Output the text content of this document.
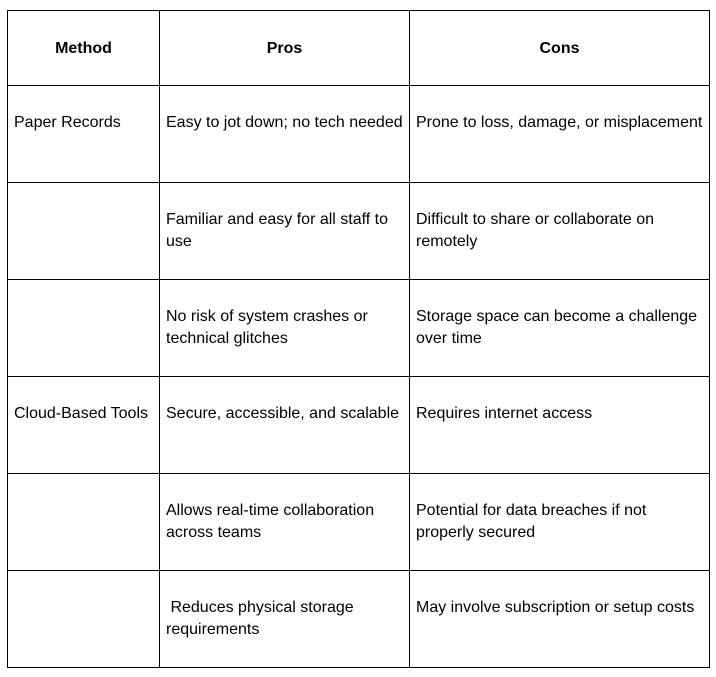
Method	Pros	Cons
Paper Records	Easy to jot down; no tech needed	Prone to loss, damage, or misplacement
	Familiar and easy for all staff to use	Difficult to share or collaborate on remotely
	No risk of system crashes or technical glitches	Storage space can become a challenge over time
Cloud-Based Tools	Secure, accessible, and scalable	Requires internet access
	Allows real-time collaboration across teams	Potential for data breaches if not properly secured
	Reduces physical storage requirements	May involve subscription or setup costs
